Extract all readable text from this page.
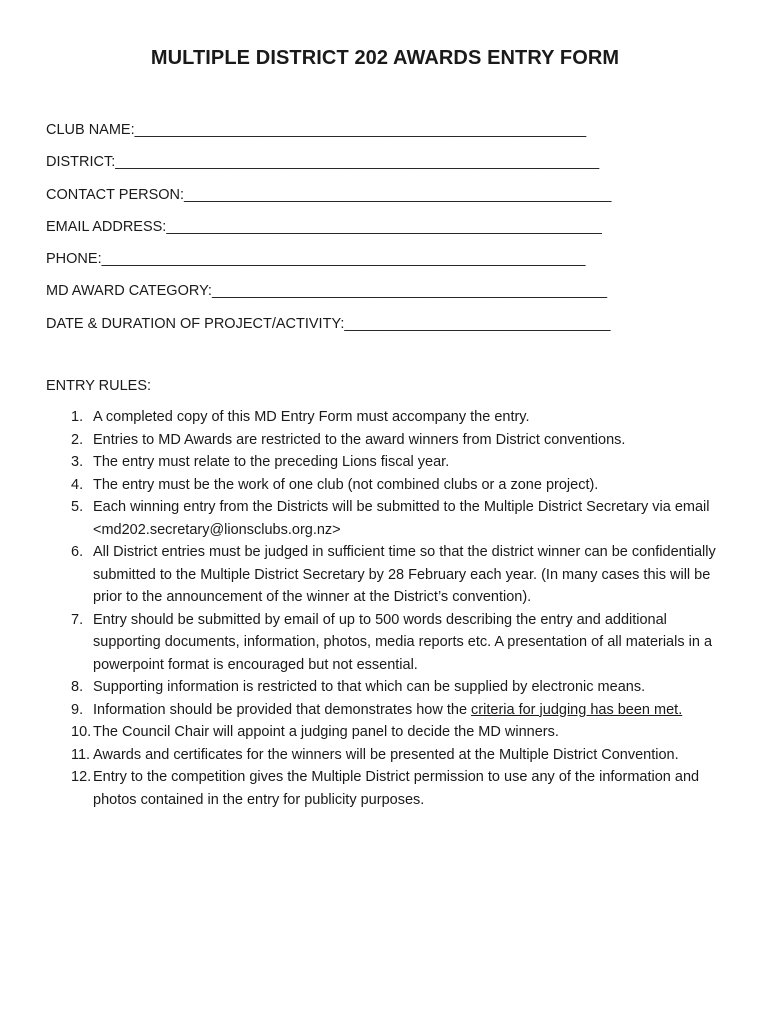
MULTIPLE DISTRICT 202 AWARDS ENTRY FORM
CLUB NAME:________________________________________________________
DISTRICT:____________________________________________________________
CONTACT PERSON:_____________________________________________________
EMAIL ADDRESS:______________________________________________________
PHONE:____________________________________________________________
MD AWARD CATEGORY:_________________________________________________
DATE & DURATION OF PROJECT/ACTIVITY:_________________________________
ENTRY RULES:
1. A completed copy of this MD Entry Form must accompany the entry.
2. Entries to MD Awards are restricted to the award winners from District conventions.
3. The entry must relate to the preceding Lions fiscal year.
4. The entry must be the work of one club (not combined clubs or a zone project).
5. Each winning entry from the Districts will be submitted to the Multiple District Secretary via email <md202.secretary@lionsclubs.org.nz>
6. All District entries must be judged in sufficient time so that the district winner can be confidentially submitted to the Multiple District Secretary by 28 February each year. (In many cases this will be prior to the announcement of the winner at the District’s convention).
7. Entry should be submitted by email of up to 500 words describing the entry and additional supporting documents, information, photos, media reports etc. A presentation of all materials in a powerpoint format is encouraged but not essential.
8. Supporting information is restricted to that which can be supplied by electronic means.
9. Information should be provided that demonstrates how the criteria for judging has been met.
10. The Council Chair will appoint a judging panel to decide the MD winners.
11. Awards and certificates for the winners will be presented at the Multiple District Convention.
12. Entry to the competition gives the Multiple District permission to use any of the information and photos contained in the entry for publicity purposes.
